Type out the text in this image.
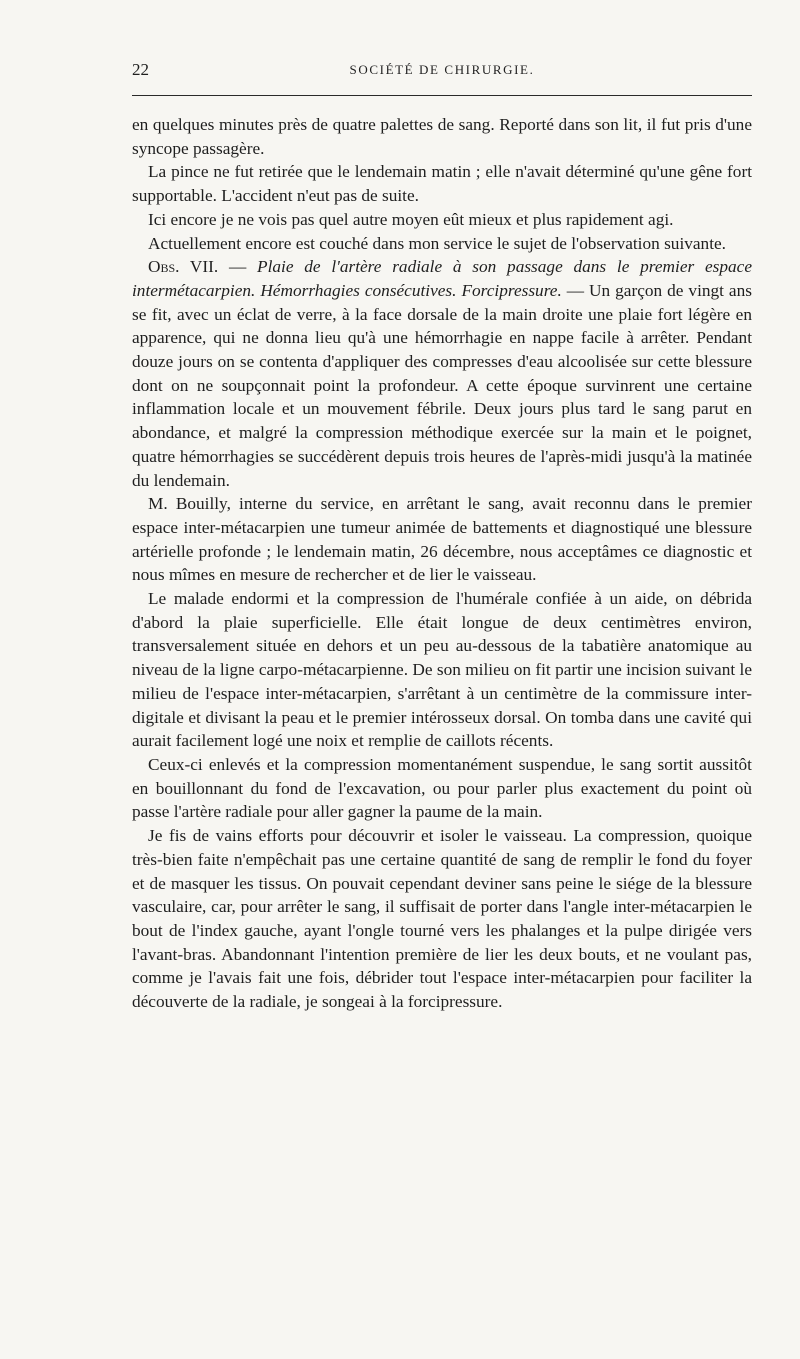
22	SOCIÉTÉ DE CHIRURGIE.

en quelques minutes près de quatre palettes de sang. Reporté dans son lit, il fut pris d'une syncope passagère.

La pince ne fut retirée que le lendemain matin ; elle n'avait déterminé qu'une gêne fort supportable. L'accident n'eut pas de suite.

Ici encore je ne vois pas quel autre moyen eût mieux et plus rapidement agi.

Actuellement encore est couché dans mon service le sujet de l'observation suivante.

Obs. VII. — Plaie de l'artère radiale à son passage dans le premier espace intermétacarpien. Hémorrhagies consécutives. Forcipressure. — Un garçon de vingt ans se fit, avec un éclat de verre, à la face dorsale de la main droite une plaie fort légère en apparence, qui ne donna lieu qu'à une hémorrhagie en nappe facile à arrêter. Pendant douze jours on se contenta d'appliquer des compresses d'eau alcoolisée sur cette blessure dont on ne soupçonnait point la profondeur. A cette époque survinrent une certaine inflammation locale et un mouvement fébrile. Deux jours plus tard le sang parut en abondance, et malgré la compression méthodique exercée sur la main et le poignet, quatre hémorrhagies se succédèrent depuis trois heures de l'après-midi jusqu'à la matinée du lendemain.

M. Bouilly, interne du service, en arrêtant le sang, avait reconnu dans le premier espace inter-métacarpien une tumeur animée de battements et diagnostiqué une blessure artérielle profonde ; le lendemain matin, 26 décembre, nous acceptâmes ce diagnostic et nous mîmes en mesure de rechercher et de lier le vaisseau.

Le malade endormi et la compression de l'humérale confiée à un aide, on débrida d'abord la plaie superficielle. Elle était longue de deux centimètres environ, transversalement située en dehors et un peu au-dessous de la tabatière anatomique au niveau de la ligne carpo-métacarpienne. De son milieu on fit partir une incision suivant le milieu de l'espace inter-métacarpien, s'arrêtant à un centimètre de la commissure inter-digitale et divisant la peau et le premier intérosseux dorsal. On tomba dans une cavité qui aurait facilement logé une noix et remplie de caillots récents.

Ceux-ci enlevés et la compression momentanément suspendue, le sang sortit aussitôt en bouillonnant du fond de l'excavation, ou pour parler plus exactement du point où passe l'artère radiale pour aller gagner la paume de la main.

Je fis de vains efforts pour découvrir et isoler le vaisseau. La compression, quoique très-bien faite n'empêchait pas une certaine quantité de sang de remplir le fond du foyer et de masquer les tissus. On pouvait cependant deviner sans peine le siége de la blessure vasculaire, car, pour arrêter le sang, il suffisait de porter dans l'angle inter-métacarpien le bout de l'index gauche, ayant l'ongle tourné vers les phalanges et la pulpe dirigée vers l'avant-bras. Abandonnant l'intention première de lier les deux bouts, et ne voulant pas, comme je l'avais fait une fois, débrider tout l'espace inter-métacarpien pour faciliter la découverte de la radiale, je songeai à la forcipressure.
